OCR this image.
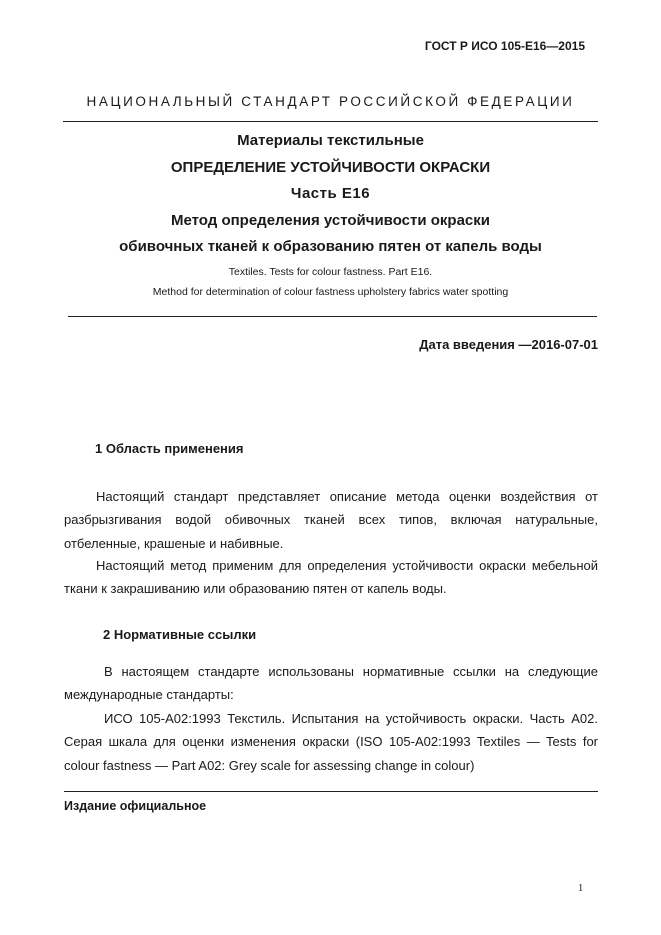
ГОСТ Р ИСО 105-Е16—2015
НАЦИОНАЛЬНЫЙ СТАНДАРТ РОССИЙСКОЙ ФЕДЕРАЦИИ
Материалы текстильные
ОПРЕДЕЛЕНИЕ УСТОЙЧИВОСТИ ОКРАСКИ
Часть Е16
Метод определения устойчивости окраски
обивочных тканей к образованию пятен от капель воды
Textiles. Tests for colour fastness. Part E16.
Method for determination of colour fastness upholstery fabrics water spotting
Дата введения —2016-07-01
1 Область применения
Настоящий стандарт представляет описание метода оценки воздействия от
разбрызгивания водой обивочных тканей всех типов, включая натуральные,
отбеленные, крашеные и набивные.
Настоящий метод применим для определения устойчивости окраски мебельной
ткани к закрашиванию или образованию пятен от капель воды.
2 Нормативные ссылки
В настоящем стандарте использованы нормативные ссылки на следующие
международные стандарты:
ИСО 105-А02:1993 Текстиль. Испытания на устойчивость окраски. Часть А02.
Серая шкала для оценки изменения окраски (ISO 105-A02:1993 Textiles — Tests for
colour fastness — Part A02: Grey scale for assessing change in colour)
Издание официальное
1
